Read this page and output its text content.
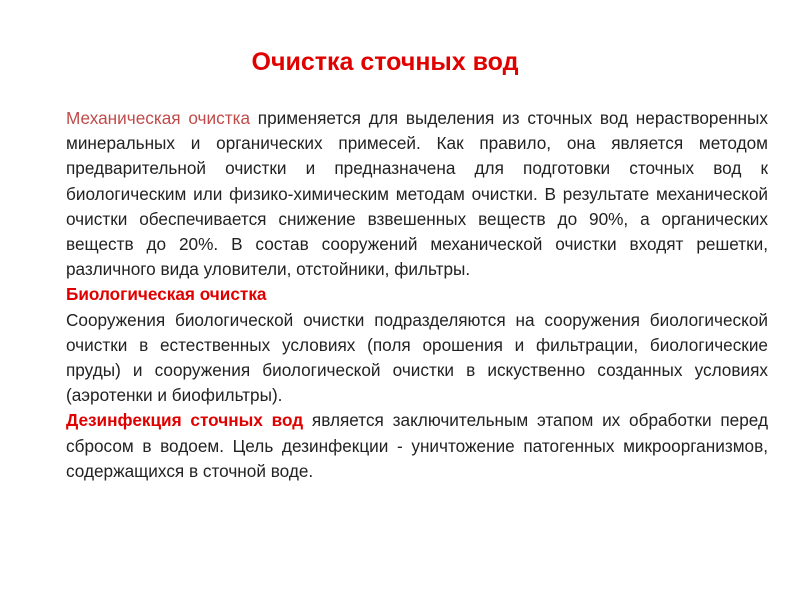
Очистка сточных вод

Механическая очистка применяется для выделения из сточных вод нерастворенных минеральных и органических примесей. Как правило, она является методом предварительной очистки и предназначена для подготовки сточных вод к биологическим или физико-химическим методам очистки. В результате механической очистки обеспечивается снижение взвешенных веществ до 90%, а органических веществ до 20%. В состав сооружений механической очистки входят решетки, различного вида уловители, отстойники, фильтры.

Биологическая очистка
Сооружения биологической очистки подразделяются на сооружения биологической очистки в естественных условиях (поля орошения и фильтрации, биологические пруды) и сооружения биологической очистки в искуственно созданных условиях (аэротенки и биофильтры).

Дезинфекция сточных вод является заключительным этапом их обработки перед сбросом в водоем. Цель дезинфекции - уничтожение патогенных микроорганизмов, содержащихся в сточной воде.
